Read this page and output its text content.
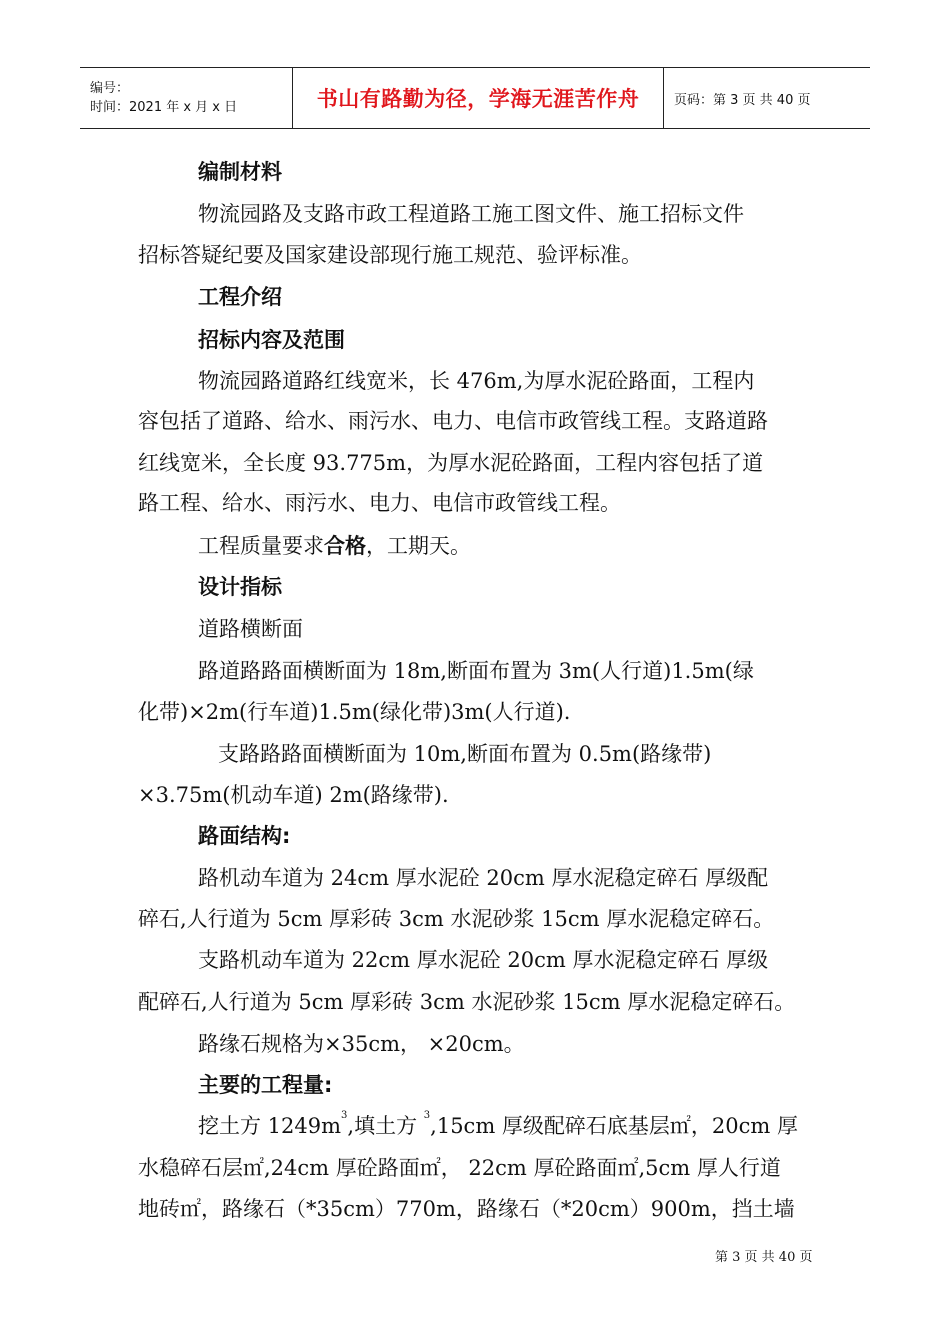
编号：
时间：2021 年 x 月 x 日	书山有路勤为径，学海无涯苦作舟	页码：第 3 页 共 40 页
编制材料
物流园路及支路市政工程道路工施工图文件、施工招标文件
招标答疑纪要及国家建设部现行施工规范、验评标准。
工程介绍
招标内容及范围
物流园路道路红线宽米，长 476m,为厚水泥砼路面，工程内
容包括了道路、给水、雨污水、电力、电信市政管线工程。支路道路
红线宽米，全长度 93.775m，为厚水泥砼路面，工程内容包括了道
路工程、给水、雨污水、电力、电信市政管线工程。
工程质量要求合格，工期天。
设计指标
道路横断面
路道路路面横断面为 18m,断面布置为 3m(人行道)1.5m(绿
化带)×2m(行车道)1.5m(绿化带)3m(人行道).
支路路路面横断面为 10m,断面布置为 0.5m(路缘带)
×3.75m(机动车道) 2m(路缘带).
路面结构:
路机动车道为 24cm 厚水泥砼 20cm 厚水泥稳定碎石 厚级配
碎石,人行道为 5cm 厚彩砖 3cm 水泥砂浆 15cm 厚水泥稳定碎石。
支路机动车道为 22cm 厚水泥砼 20cm 厚水泥稳定碎石 厚级
配碎石,人行道为 5cm 厚彩砖 3cm 水泥砂浆 15cm 厚水泥稳定碎石。
路缘石规格为×35cm， ×20cm。
主要的工程量:
挖土方 $1249m^3$,填土方 $^3$,15cm 厚级配碎石底基层㎡，20cm 厚
水稳碎石层㎡,24cm 厚砼路面㎡， 22cm 厚砼路面㎡,5cm 厚人行道
地砖㎡，路缘石（*35cm）770m，路缘石（*20cm）900m，挡土墙
第 3 页 共 40 页
